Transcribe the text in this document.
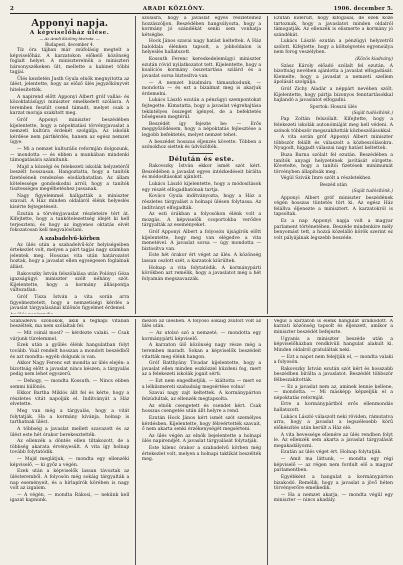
2	ARADI KÖZLÖNY.	1906. december 5.
Apponyi napja.
A képviselőház ülése.
— Az Aradi Közlöny távirata. —
Budapest, december 4.

Tíz óra tájban már zsúfolásig megtelt a képviselőház. A karzatokon előkelő közönség foglalt helyet. A miniszterelnök a miniszteri bársonyszékeken ült, mellette a kabinet többi tagjai.

Ülés kezdetén Justh Gyula elnök megnyitotta az ülést, jelentette, hogy az előző ülés jegyzőkönyvét hitelesítették.

A napirend előtt Apponyi Albert gróf vallás- és közoktatásügyi miniszter emelkedett szólásra. A teremben feszült csend támadt, melyet csak a karzat moraja szakított meg.

Gróf Apponyi miniszter beszédében kijelentette, hogy a népoktatási törvényjavaslat a nemzeti kultúra érdekét szolgálja. Az iskolák kérdése nem pártkérdés, hanem az egész nemzet ügye.

— Mi a nemzet kulturális reformján dolgozunk, — mondotta — és ebben a munkában mindenki támogatására számítunk.

Majd a községi és felekezeti iskolák helyzetéről beszélt hosszasan. Hangoztatta, hogy a tanítók fizetésének rendezése elodázhatatlan. Az állam kötelessége gondoskodni arról, hogy a tanítók tisztességes megélhetéshez jussanak.

Nagy figyelemmel hallgatták a miniszter szavait. A Ház minden oldaláról élénk helyeslés kísérte fejtegetéseit.

Ezután a törvényjavaslat részleteire tért át. Kifejtette, hogy a tankötelezettség idejét ki kell terjeszteni, és hogy az ingyenes oktatás elvét fokozatosan kell megvalósítani.

A szabadelvű-körben

Az ülés után a szabadelvű-kör helyiségeiben értekezlet volt, melyen a párt tagjai nagy számban jelentek meg. Hosszas vita után határozatot hoztak, hogy a javaslat ellen egységesen foglalnak állást.

Rakovszky István felszólalása után Polónyi Géza igazságügyi miniszter szólt néhány szót. Kijelentette, hogy a kormány álláspontja változatlan.

Gróf Tisza István a vita során arra figyelmeztetett, hogy a nemzetiségi kérdés a javaslat tárgyalásánál különös figyelmet érdemel.

szólásra, hogy a javaslat egyes részleteihez hozzászóljon. Beszédében hangsúlyozta, hogy a kormány jó szándékát senki sem vonhatja kétségbe.

Hock János szavai nagy hatást keltettek. A Ház baloldala élénken tapsolt, a jobboldalon is helyeslés hallatszott.

Kossuth Ferenc kereskedelemügyi miniszter ezután rövid nyilatkozatot tett. Kijelentette, hogy a koalíciós kormány összetartása szilárd és a javaslat sorsa biztosítva van.

— A nemzet bizalmára támaszkodunk, — mondotta — és ezt a bizalmat meg is akarjuk érdemelni.

Lukács László ezután a pénzügyi szempontokat fejtegette. Kimutatta, hogy a javaslat végrehajtása tekintélyes összeget igényel, de a befektetés bőségesen megtérül.

Beszédét így fejezte be: — Erős meggyőződésem, hogy a népoktatás fejlesztése a legjobb befektetés, melyet nemzet tehet.

A beszédet hosszas éljenzés követte. Többen a szónokhoz siettek és üdvözölték.

Délután és este.

Rakovszky István ekkor ismét szót kért. Beszédében a javaslat egyes intézkedéseit bírálta és módosításokat ajánlott.

Lukács László kijelentette, hogy a módosítások egy részét elfogadhatónak tartja.

Kovács Gyula indítványozta, hogy a Ház a részletes tárgyalást a holnapi ülésen folytassa. Az indítványt elfogadták.

Az esti órákban a folyosókon élénk volt a mozgás. A képviselők csoportokba verődve tárgyalták az eseményeket.

Gróf Apponyi Albert a folyosón újságírók előtt kijelentette, hogy meg van elégedve a vita menetével. A javaslat sorsa — úgy mondotta — biztosítva van.

Este hét órakor ért véget az ülés. A közönség lassan oszlott szét, a karzatok kiürültek.

Holnap a vita folytatódik. A kormánypárti körökben azt remélik, hogy a javaslatot még a hét folyamán megszavazzák.

Ezután kiderült, hogy kifogásai, de ezek közé tartoznak, hogy a javaslatot minden oldalról támogatják. Az ellenzék is elismerte a kormány jó szándékát.

Lukács László ezután a pénzügyi helyzetről szólott. Kifejtette, hogy a költségvetés egyensúlya nem forog veszélyben.

(Közös kiadvány)

Szász Károly előadó szólalt fel ezután. A bizottság nevében ajánlotta a javaslat elfogadását. Kiemelte, hogy a javaslat a nemzeti szellem ápolását szolgálja.

Gróf Zichy Aladár a néppárt nevében szólt. Kijelentette, hogy pártja bizonyos fenntartásokkal hajlandó a javaslatot elfogadni.

Sportok: Hosszú ülés
(Saját tudósítónk.)

Pap Zoltán felszólalt. Kifejtette, hogy a felekezeti iskolák autonómiáját meg kell védeni. A szónok többször megszakították közbeszólásokkal.

A vita során gróf Apponyi Albert miniszter többször felállt és válaszolt a közbeszólásokra. Nyugodt, higgadt válaszai nagy hatást keltettek.

Buza Barna szólalt fel ezután. Beszédében a tanítók anyagi helyzetének javítását sürgette. Követelte, hogy a tanítói fizetések minimumát törvényben állapítsák meg.

Végül Szivák Imre szólt a részletekhez.

Beszéd után
(Saját tudósítónk.)

Apponyi Albert gróf miniszter beszédének végén hosszas tüntetés tört ki. Az egész Ház felállva éljenezte a minisztert. A karzatokról is tapsoltak.

Ez a nap Apponyi napja volt a magyar parlament történetében. Beszéde mindenkire mély benyomást tett, a hozzá közelálló körök szerint ez volt pályájának legszebb beszéde.

Szabadelvű szónokok, akik a tegnapi vitában beszéltek, ma nem szólaltak fel.

— Mit csinál most? — kérdezte valaki. — Csak várjunk türelemmel.

Ezek után a gyűlés élénk hangulatban folyt tovább. Vaál rendelt hosszan a mondott beszédből és azt mondta: egyéb dolgunk is van.

Akkor Nagy Ferenc ezt mondta az ülés elején: a bizottság előtt a javaslat nincs készen, a tárgyalás pedig nem lehet egyszerű.

— Dehogy, — mondta Kossuth. — Nincs ebben semmi különös.

Ekkor Bartha Miklós állt fel és kérte, hogy a részletes vitát napolják el. Indítványát a Ház elvetette.

Meg van még a tárgyalás, hogy a vitát folytatják. Ha a kormány kívánja, holnap is tarthatnak ülést.

A többség a javaslat mellett szavazott és az ülést este hét órakor berekesztették.

Az ellenzék a döntés ellen tiltakozott, de a többség akarata érvényesült. A vita így holnap tovább folytatódik.

— Majd meglátjuk, — mondta egy ellenzéki képviselő, — ki győz a végén.

Ezek után a képviselők lassan távoztak az ülésteremből. A folyosón még sokáig tárgyalták a nap eseményeit, és a hírlapírók körében is nagy volt az izgalom.

— A végén, — mondta Rákosi, — nekünk kell igazat kapnunk.

mezőn az ülésben. A folyosó sokáig zsúfolt volt az ülés után.

— Az utolsó szó a nemzeté, — mondotta egy kormánypárti képviselő.

A karzaton ülő közönség nagy része még a teremben maradt. Sokan a képviselők beszédeit vitatták meg élénk hangon.

Gróf Batthyány Tivadar kijelentette, hogy a javaslat ellen minden eszközzel küzdeni fog, mert az a felekezeti iskolák jogait sérti.

— Ezt nem engedhetjük, — kiáltotta — mert ez a lelkiismereti szabadság megsértése volna!

Szavai nagy zajt keltettek. A kormánypárton felzúdultak, az ellenzék megtapsolta.

Az elnök csengetett és csendet kért. Csak hosszas csengetés után állt helyre a rend.

Ezután Hock János kért ismét szót személyes kérdésben. Kijelentette, hogy félreértették szavait, ő nem akarta senki érzékenységét megsérteni.

Az ülés végén az elnök bejelentette a holnapi ülés napirendjét. A javaslat tárgyalását folytatják.

Este kilenc órakor a szabadelvű körben még értekezlet volt, melyen a holnapi taktikát beszélték meg.

Végül a karzaton is élénk hangulat uralkodott. A karzati közönség tapsolt és éljenzett, amikor a miniszter beszédét befejezte.

Ugyanis a miniszter beszéde után a képviselőházban rendkívüli hangulat alakult ki. Minden oldalról gratuláltak neki.

— Ezt a napot nem felejtjük el, — mondta valaki a folyosón.

Rakovszky István ezután szót kért és hosszabb beszédben bírálta a javaslatot. Beszédét többször félbeszakították.

— Ez a javaslat nem az, aminek lennie kellene, — mondotta. — Mi másképp képzeljük el a népoktatás reformját.

Erre a kormánypártból erős ellenmondás hallatszott.

Lukács László válaszolt neki röviden, rámutatva arra, hogy a javaslat a legszélesebb körű előkészítés után került a Ház elé.

A vita hevessége ellenére az ülés rendben folyt le. Az ellenzék sem akarta a javaslat tárgyalását megakadályozni.

Ezután az ülés véget ért. Holnap folytatják.

— Amit ma láttunk, — mondta egy régi képviselő — az régen nem fordult elő a magyar parlamentben.

Egyébként a hangulat a kormánypárton bizakodó. Remélik, hogy a javaslat a jövő héten törvényerőre emelkedik.

— Ha a nemzet akarja, — mondta végül egy miniszter — nincs akadály.
